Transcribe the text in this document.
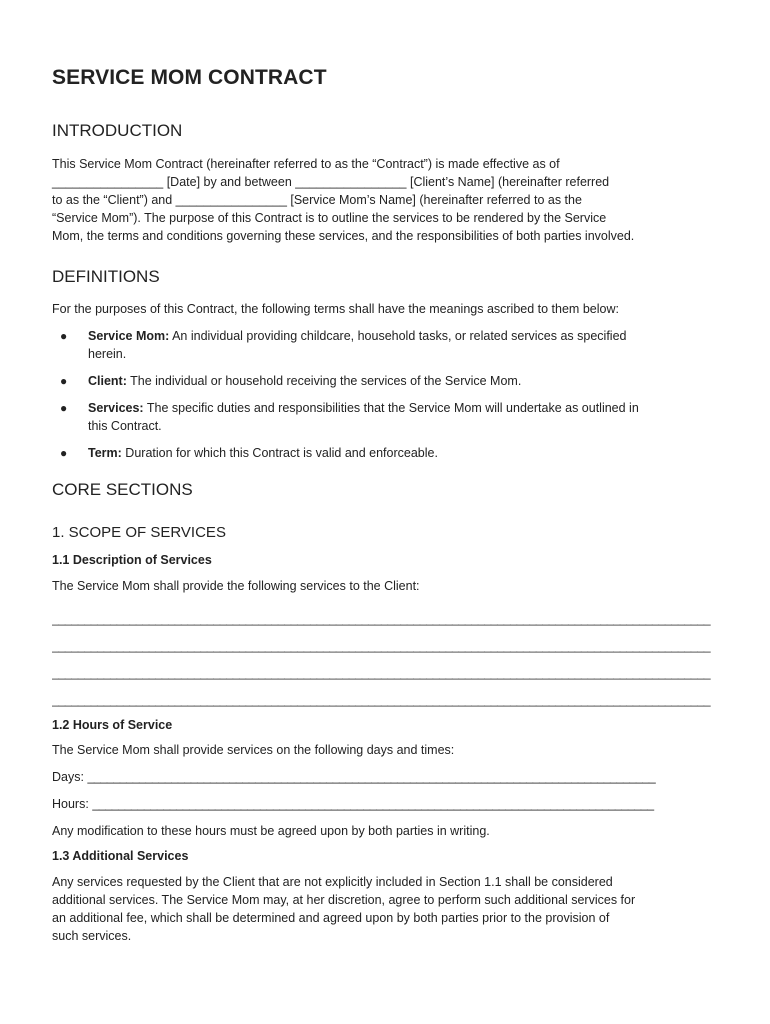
SERVICE MOM CONTRACT
INTRODUCTION

This Service Mom Contract (hereinafter referred to as the “Contract”) is made effective as of

________________ [Date] by and between ________________ [Client’s Name] (hereinafter referred

to as the “Client”) and ________________ [Service Mom’s Name] (hereinafter referred to as the

“Service Mom”). The purpose of this Contract is to outline the services to be rendered by the Service

Mom, the terms and conditions governing these services, and the responsibilities of both parties involved.

DEFINITIONS

For the purposes of this Contract, the following terms shall have the meanings ascribed to them below:

● Service Mom: An individual providing childcare, household tasks, or related services as specified
herein.
● Client: The individual or household receiving the services of the Service Mom.
● Services: The specific duties and responsibilities that the Service Mom will undertake as outlined in
this Contract.
● Term: Duration for which this Contract is valid and enforceable.
CORE SECTIONS
1. SCOPE OF SERVICES
1.1 Description of Services

The Service Mom shall provide the following services to the Client:

______________________________________________________________________________________________________
______________________________________________________________________________________________________
______________________________________________________________________________________________________
______________________________________________________________________________________________________
1.2 Hours of Service

The Service Mom shall provide services on the following days and times:

Days: ________________________________________________________________________________________

Hours: _______________________________________________________________________________________

Any modification to these hours must be agreed upon by both parties in writing.

1.3 Additional Services

Any services requested by the Client that are not explicitly included in Section 1.1 shall be considered

additional services. The Service Mom may, at her discretion, agree to perform such additional services for

an additional fee, which shall be determined and agreed upon by both parties prior to the provision of

such services.
